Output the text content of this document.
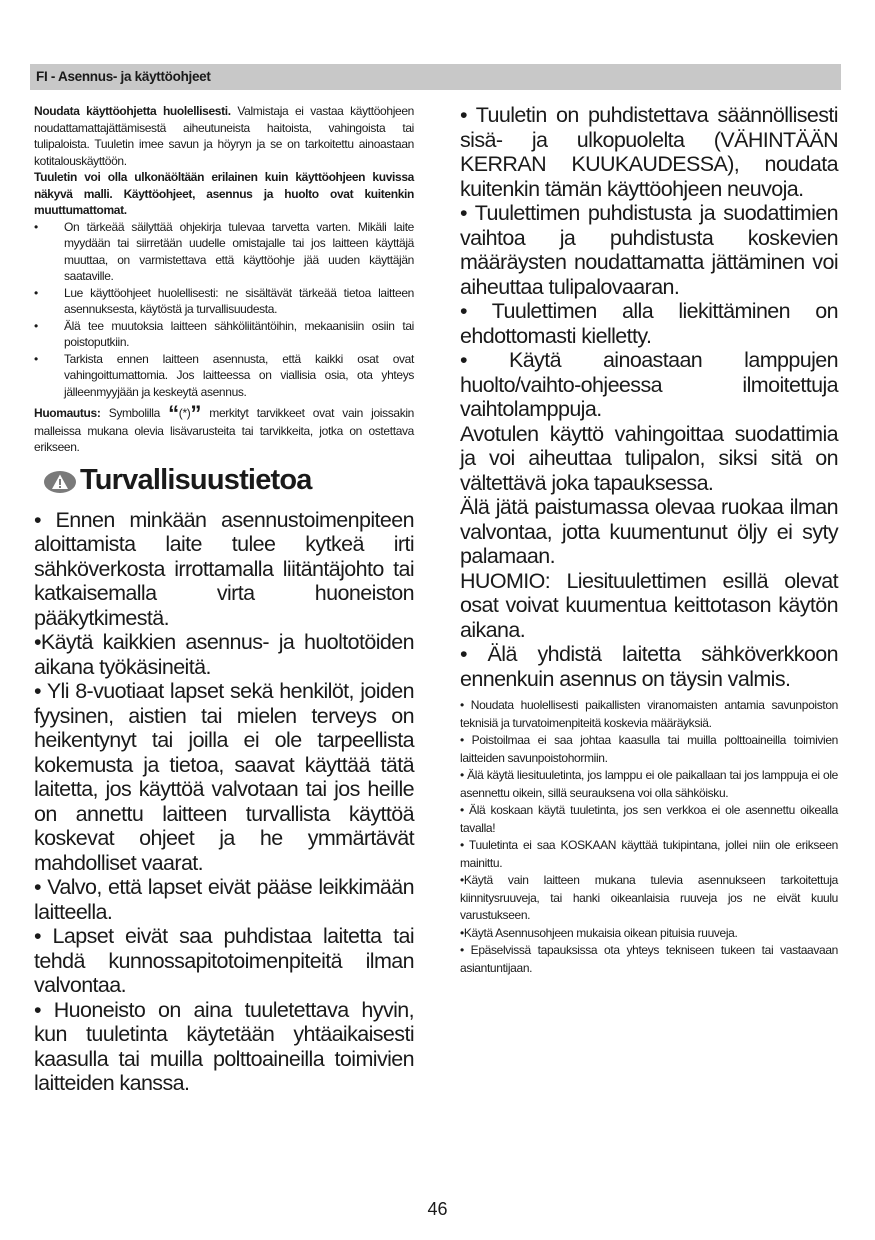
FI - Asennus- ja käyttöohjeet

Noudata käyttöohjetta huolellisesti. Valmistaja ei vastaa käyttöohjeen noudattamattajättämisestä aiheutuneista haitoista, vahingoista tai tulipaloista. Tuuletin imee savun ja höyryn ja se on tarkoitettu ainoastaan kotitalouskäyttöön.

Tuuletin voi olla ulkonäöltään erilainen kuin käyttöohjeen kuvissa näkyvä malli. Käyttöohjeet, asennus ja huolto ovat kuitenkin muuttumattomat.

• On tärkeää säilyttää ohjekirja tulevaa tarvetta varten. Mikäli laite myydään tai siirretään uudelle omistajalle tai jos laitteen käyttäjä muuttaa, on varmistettava että käyttöohje jää uuden käyttäjän saataville.
• Lue käyttöohjeet huolellisesti: ne sisältävät tärkeää tietoa laitteen asennuksesta, käytöstä ja turvallisuudesta.
• Älä tee muutoksia laitteen sähköliitäntöihin, mekaanisiin osiin tai poistoputkiin.
• Tarkista ennen laitteen asennusta, että kaikki osat ovat vahingoittumattomia. Jos laitteessa on viallisia osia, ota yhteys jälleenmyyjään ja keskeytä asennus.

Huomautus: Symbolilla “(*)” merkityt tarvikkeet ovat vain joissakin malleissa mukana olevia lisävarusteita tai tarvikkeita, jotka on ostettava erikseen.

Turvallisuustietoa

• Ennen minkään asennustoimenpiteen aloittamista laite tulee kytkeä irti sähköverkosta irrottamalla liitäntäjohto tai katkaisemalla virta huoneiston pääkytkimestä.

•Käytä kaikkien asennus- ja huoltotöiden aikana työkäsineitä.

• Yli 8-vuotiaat lapset sekä henkilöt, joiden fyysinen, aistien tai mielen terveys on heikentynyt tai joilla ei ole tarpeellista kokemusta ja tietoa, saavat käyttää tätä laitetta, jos käyttöä valvotaan tai jos heille on annettu laitteen turvallista käyttöä koskevat ohjeet ja he ymmärtävät mahdolliset vaarat.

• Valvo, että lapset eivät pääse leikkimään laitteella.

• Lapset eivät saa puhdistaa laitetta tai tehdä kunnossapitotoimenpiteitä ilman valvontaa.

• Huoneisto on aina tuuletettava hyvin, kun tuuletinta käytetään yhtäaikaisesti kaasulla tai muilla polttoaineilla toimivien laitteiden kanssa.

• Tuuletin on puhdistettava säännöllisesti sisä- ja ulkopuolelta (VÄHINTÄÄN KERRAN KUUKAUDESSA), noudata kuitenkin tämän käyttöohjeen neuvoja.

• Tuulettimen puhdistusta ja suodattimien vaihtoa ja puhdistusta koskevien määräysten noudattamatta jättäminen voi aiheuttaa tulipalovaaran.

• Tuulettimen alla liekittäminen on ehdottomasti kielletty.

• Käytä ainoastaan lamppujen huolto/vaihto-ohjeessa ilmoitettuja vaihtolamppuja.

Avotulen käyttö vahingoittaa suodattimia ja voi aiheuttaa tulipalon, siksi sitä on vältettävä joka tapauksessa.

Älä jätä paistumassa olevaa ruokaa ilman valvontaa, jotta kuumentunut öljy ei syty palamaan.

HUOMIO: Liesituulettimen esillä olevat osat voivat kuumentua keittotason käytön aikana.

• Älä yhdistä laitetta sähköverkkoon ennenkuin asennus on täysin valmis.

• Noudata huolellisesti paikallisten viranomaisten antamia savunpoiston teknisiä ja turvatoimenpiteitä koskevia määräyksiä.

• Poistoilmaa ei saa johtaa kaasulla tai muilla polttoaineilla toimivien laitteiden savunpoistohormiin.

• Älä käytä liesituuletinta, jos lamppu ei ole paikallaan tai jos lamppuja ei ole asennettu oikein, sillä seurauksena voi olla sähköisku.

• Älä koskaan käytä tuuletinta, jos sen verkkoa ei ole asennettu oikealla tavalla!

• Tuuletinta ei saa KOSKAAN käyttää tukipintana, jollei niin ole erikseen mainittu.

•Käytä vain laitteen mukana tulevia asennukseen tarkoitettuja kiinnitysruuveja, tai hanki oikeanlaisia ruuveja jos ne eivät kuulu varustukseen.

•Käytä Asennusohjeen mukaisia oikean pituisia ruuveja.

• Epäselvissä tapauksissa ota yhteys tekniseen tukeen tai vastaavaan asiantuntijaan.

46
